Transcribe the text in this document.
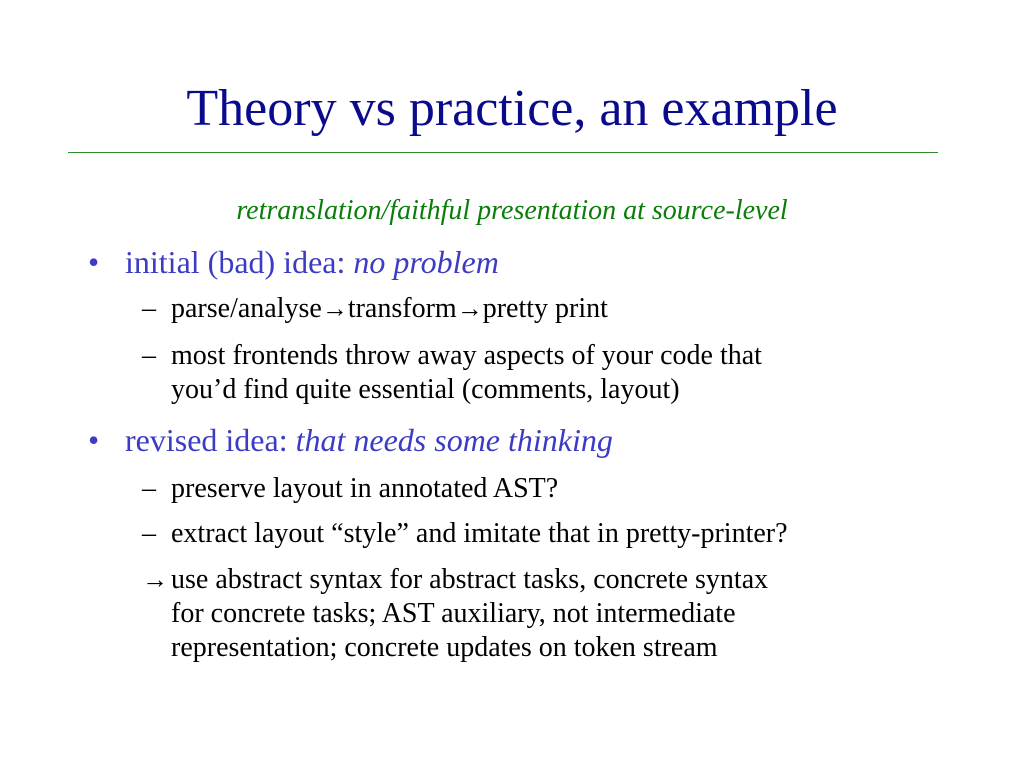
Theory vs practice, an example
retranslation/faithful presentation at source-level
• initial (bad) idea: no problem
– parse/analyse→transform→pretty print
– most frontends throw away aspects of your code that
you’d find quite essential (comments, layout)
• revised idea: that needs some thinking
– preserve layout in annotated AST?
– extract layout “style” and imitate that in pretty-printer?
→ use abstract syntax for abstract tasks, concrete syntax
for concrete tasks; AST auxiliary, not intermediate
representation; concrete updates on token stream
